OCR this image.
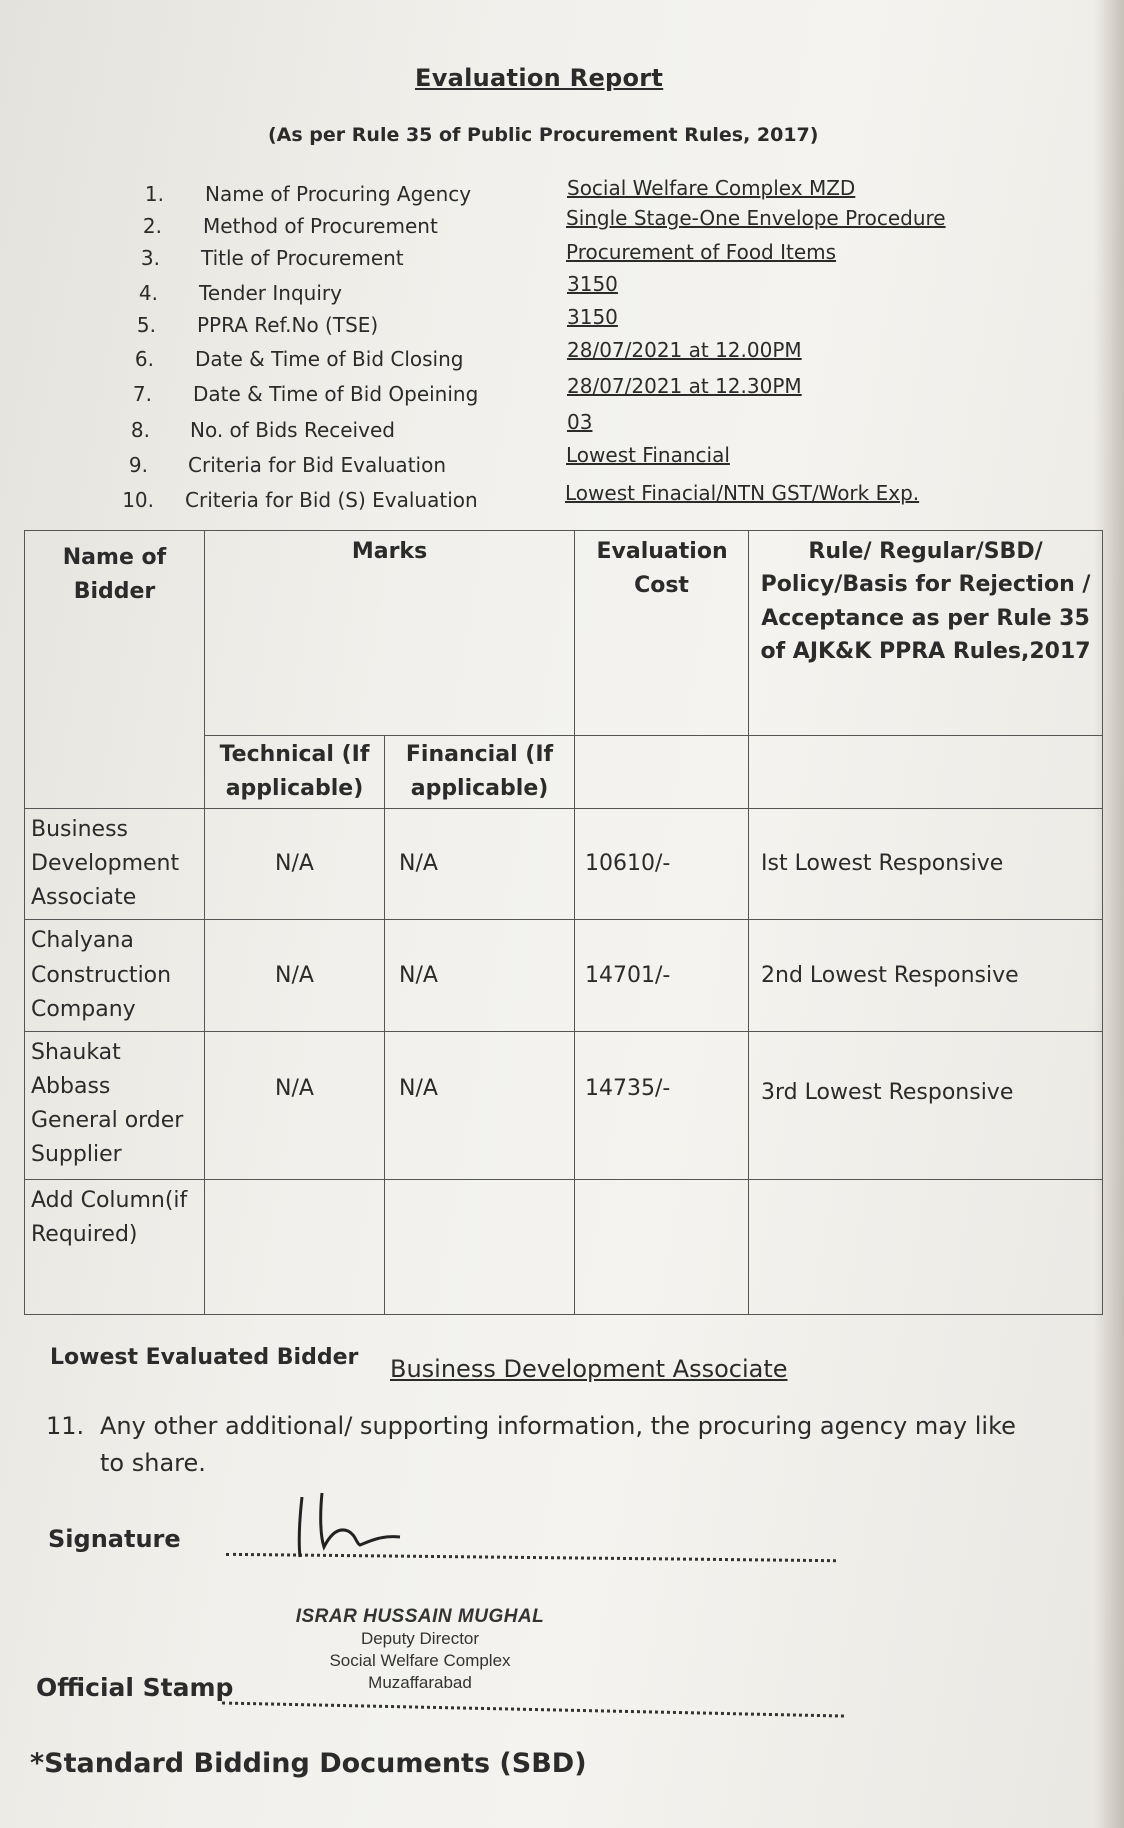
Evaluation Report
(As per Rule 35 of Public Procurement Rules, 2017)
1. Name of Procuring Agency	Social Welfare Complex MZD
2. Method of Procurement	Single Stage-One Envelope Procedure
3. Title of Procurement	Procurement of Food Items
4. Tender Inquiry	3150
5. PPRA Ref.No (TSE)	3150
6. Date & Time of Bid Closing	28/07/2021 at 12.00PM
7. Date & Time of Bid Opeining	28/07/2021 at 12.30PM
8. No. of Bids Received	03
9. Criteria for Bid Evaluation	Lowest Financial
10. Criteria for Bid (S) Evaluation	Lowest Finacial/NTN GST/Work Exp.
Name of Bidder	Marks		Evaluation Cost	Rule/ Regular/SBD/ Policy/Basis for Rejection / Acceptance as per Rule 35 of AJK&K PPRA Rules,2017

	Technical (If applicable)	Financial (If applicable)		

Business Development Associate	N/A	N/A	10610/-	Ist Lowest Responsive
Chalyana Construction Company	N/A	N/A	14701/-	2nd Lowest Responsive
Shaukat Abbass General order Supplier	N/A	N/A	14735/-	3rd Lowest Responsive
Add Column(if Required)				
Lowest Evaluated Bidder Business Development Associate
11. Any other additional/ supporting information, the procuring agency may like to share.
Signature
ISRAR HUSSAIN MUGHAL
Deputy Director
Social Welfare Complex
Muzaffarabad
Official Stamp
*Standard Bidding Documents (SBD)
